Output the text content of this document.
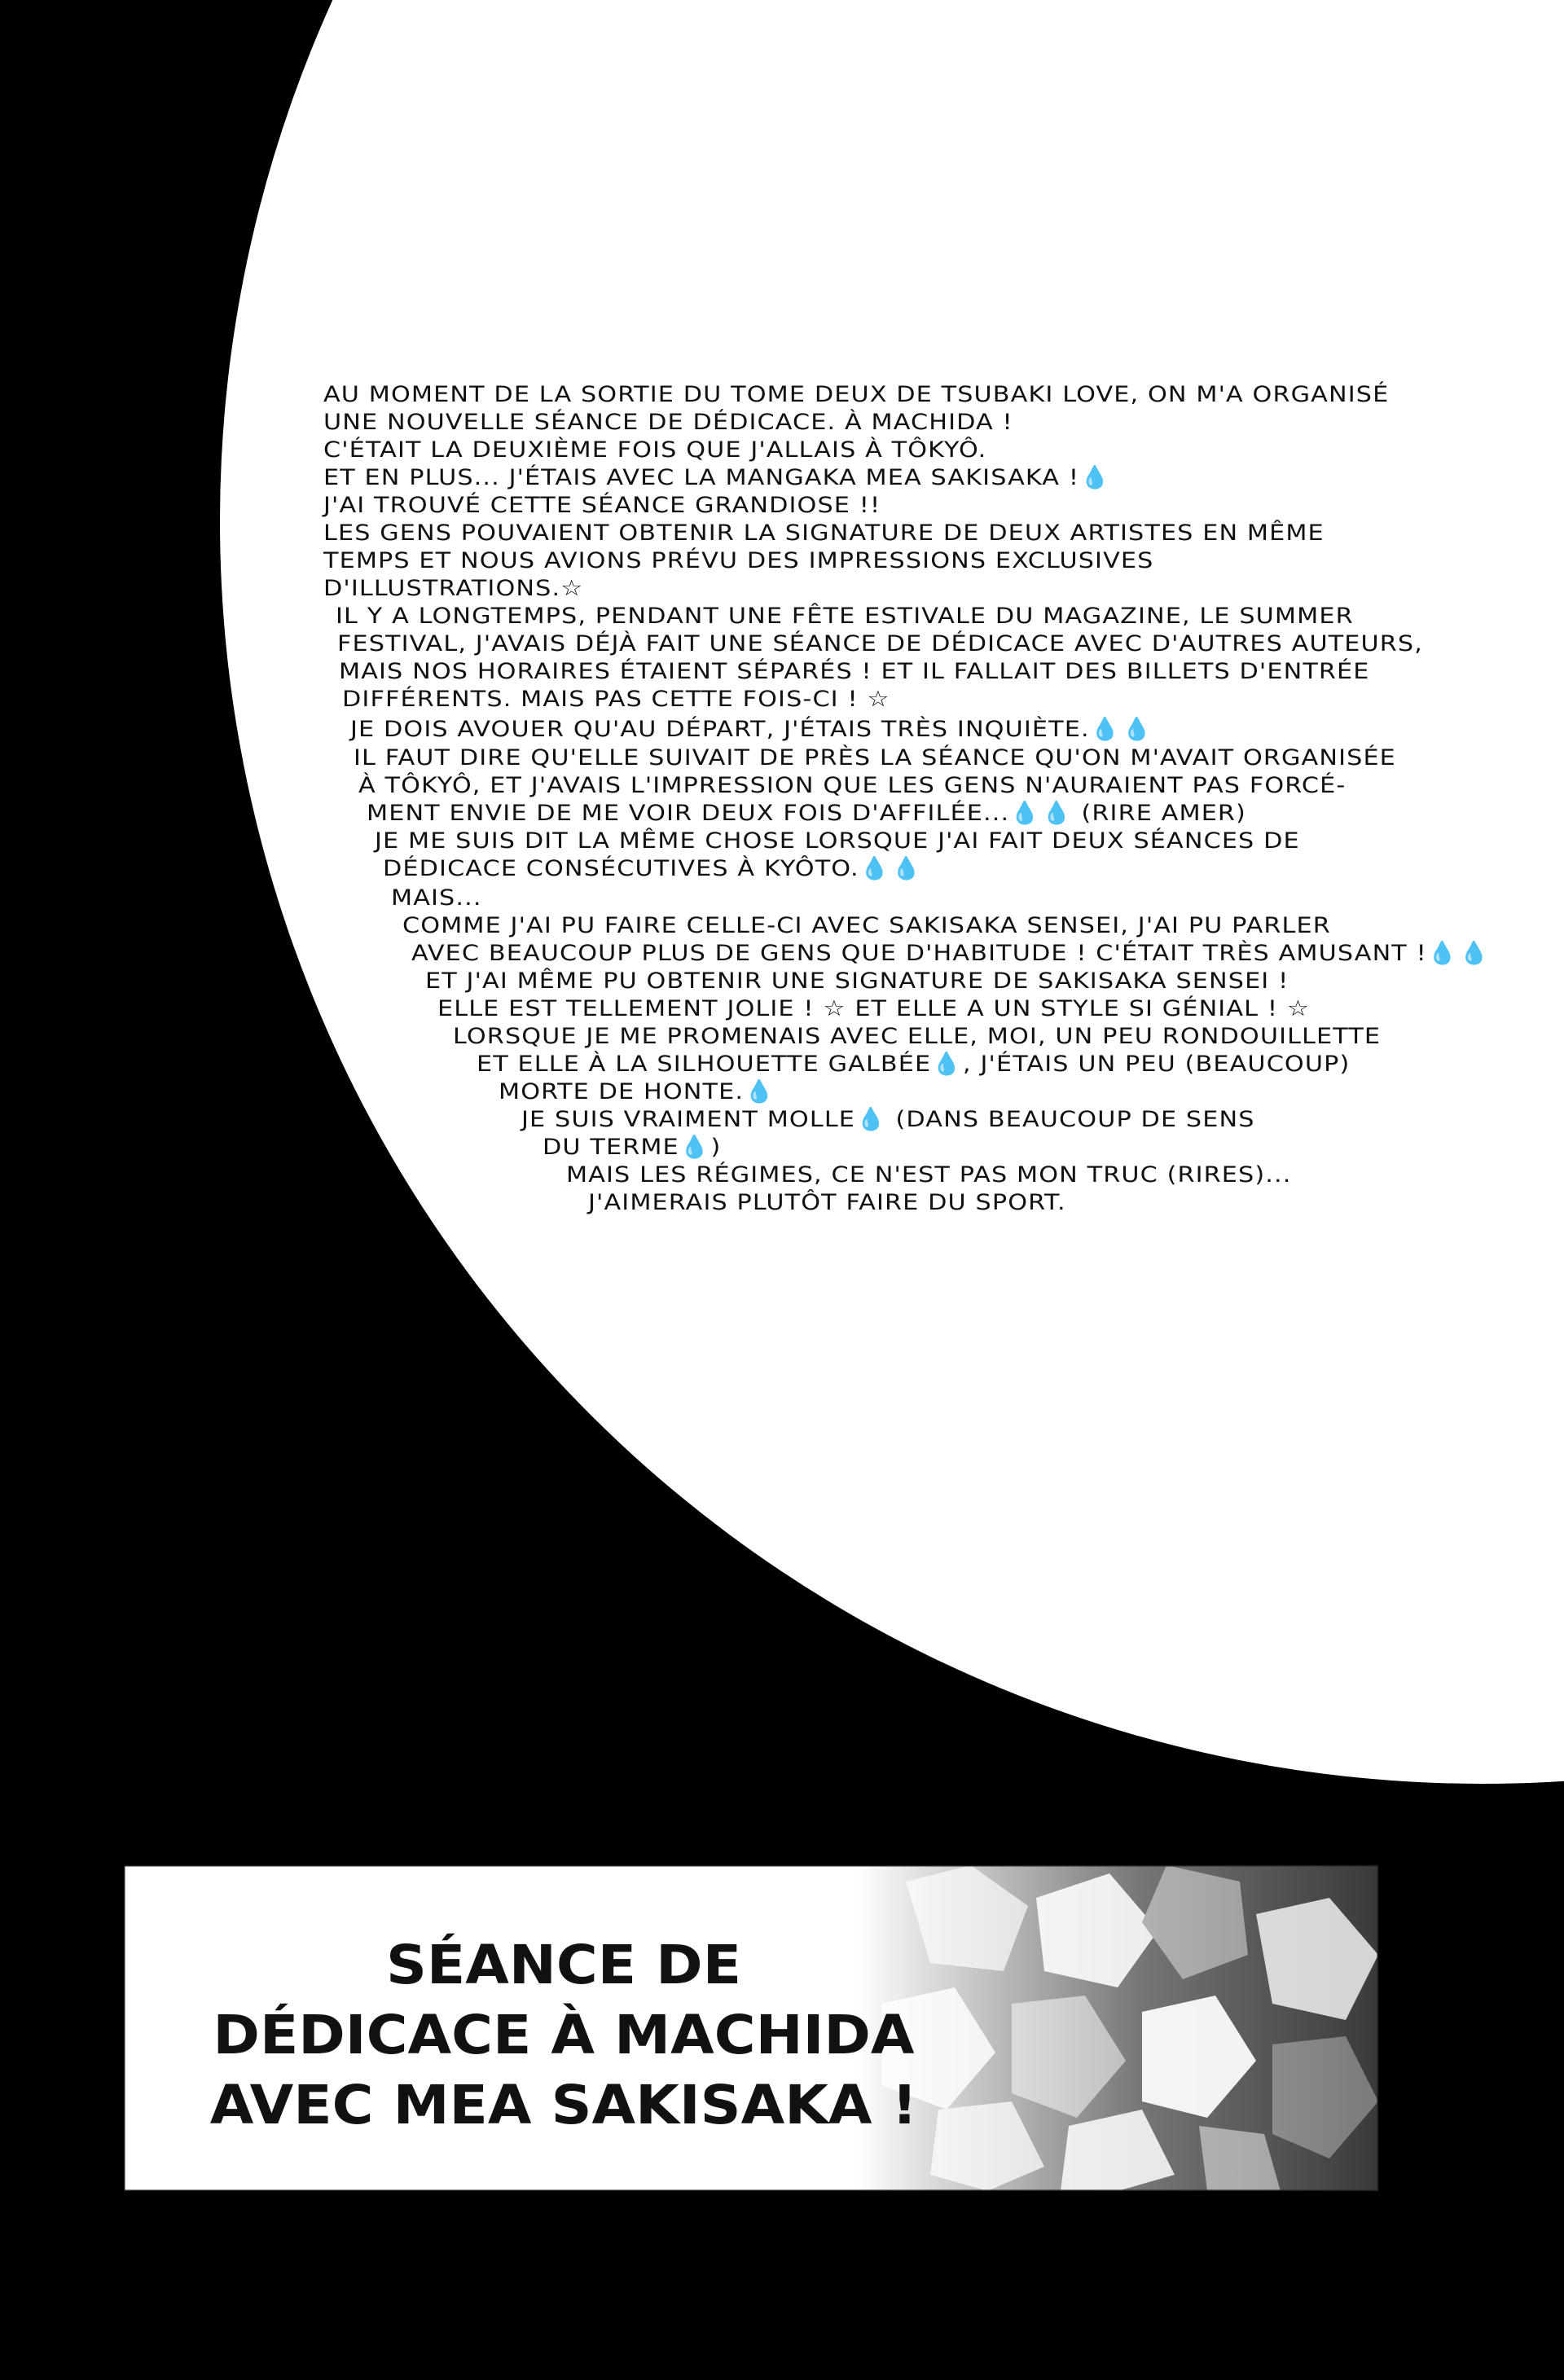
AU MOMENT DE LA SORTIE DU TOME DEUX DE TSUBAKI LOVE, ON M'A ORGANISÉ
UNE NOUVELLE SÉANCE DE DÉDICACE. À MACHIDA !
C'ÉTAIT LA DEUXIÈME FOIS QUE J'ALLAIS À TÔKYÔ.
ET EN PLUS... J'ÉTAIS AVEC LA MANGAKA MEA SAKISAKA !💧
J'AI TROUVÉ CETTE SÉANCE GRANDIOSE !!
LES GENS POUVAIENT OBTENIR LA SIGNATURE DE DEUX ARTISTES EN MÊME
TEMPS ET NOUS AVIONS PRÉVU DES IMPRESSIONS EXCLUSIVES
D'ILLUSTRATIONS.☆
IL Y A LONGTEMPS, PENDANT UNE FÊTE ESTIVALE DU MAGAZINE, LE SUMMER
FESTIVAL, J'AVAIS DÉJÀ FAIT UNE SÉANCE DE DÉDICACE AVEC D'AUTRES AUTEURS,
MAIS NOS HORAIRES ÉTAIENT SÉPARÉS ! ET IL FALLAIT DES BILLETS D'ENTRÉE
DIFFÉRENTS. MAIS PAS CETTE FOIS-CI ! ☆
JE DOIS AVOUER QU'AU DÉPART, J'ÉTAIS TRÈS INQUIÈTE.💧💧
IL FAUT DIRE QU'ELLE SUIVAIT DE PRÈS LA SÉANCE QU'ON M'AVAIT ORGANISÉE
À TÔKYÔ, ET J'AVAIS L'IMPRESSION QUE LES GENS N'AURAIENT PAS FORCÉ-
MENT ENVIE DE ME VOIR DEUX FOIS D'AFFILÉE...💧💧 (RIRE AMER)
JE ME SUIS DIT LA MÊME CHOSE LORSQUE J'AI FAIT DEUX SÉANCES DE
DÉDICACE CONSÉCUTIVES À KYÔTO.💧💧
MAIS...
COMME J'AI PU FAIRE CELLE-CI AVEC SAKISAKA SENSEI, J'AI PU PARLER
AVEC BEAUCOUP PLUS DE GENS QUE D'HABITUDE ! C'ÉTAIT TRÈS AMUSANT !💧💧
ET J'AI MÊME PU OBTENIR UNE SIGNATURE DE SAKISAKA SENSEI !
ELLE EST TELLEMENT JOLIE ! ☆ ET ELLE A UN STYLE SI GÉNIAL ! ☆
LORSQUE JE ME PROMENAIS AVEC ELLE, MOI, UN PEU RONDOUILLETTE
ET ELLE À LA SILHOUETTE GALBÉE💧, J'ÉTAIS UN PEU (BEAUCOUP)
MORTE DE HONTE.💧
JE SUIS VRAIMENT MOLLE💧 (DANS BEAUCOUP DE SENS
DU TERME💧)
MAIS LES RÉGIMES, CE N'EST PAS MON TRUC (RIRES)...
J'AIMERAIS PLUTÔT FAIRE DU SPORT.
SÉANCE DE
DÉDICACE À MACHIDA
AVEC MEA SAKISAKA !
